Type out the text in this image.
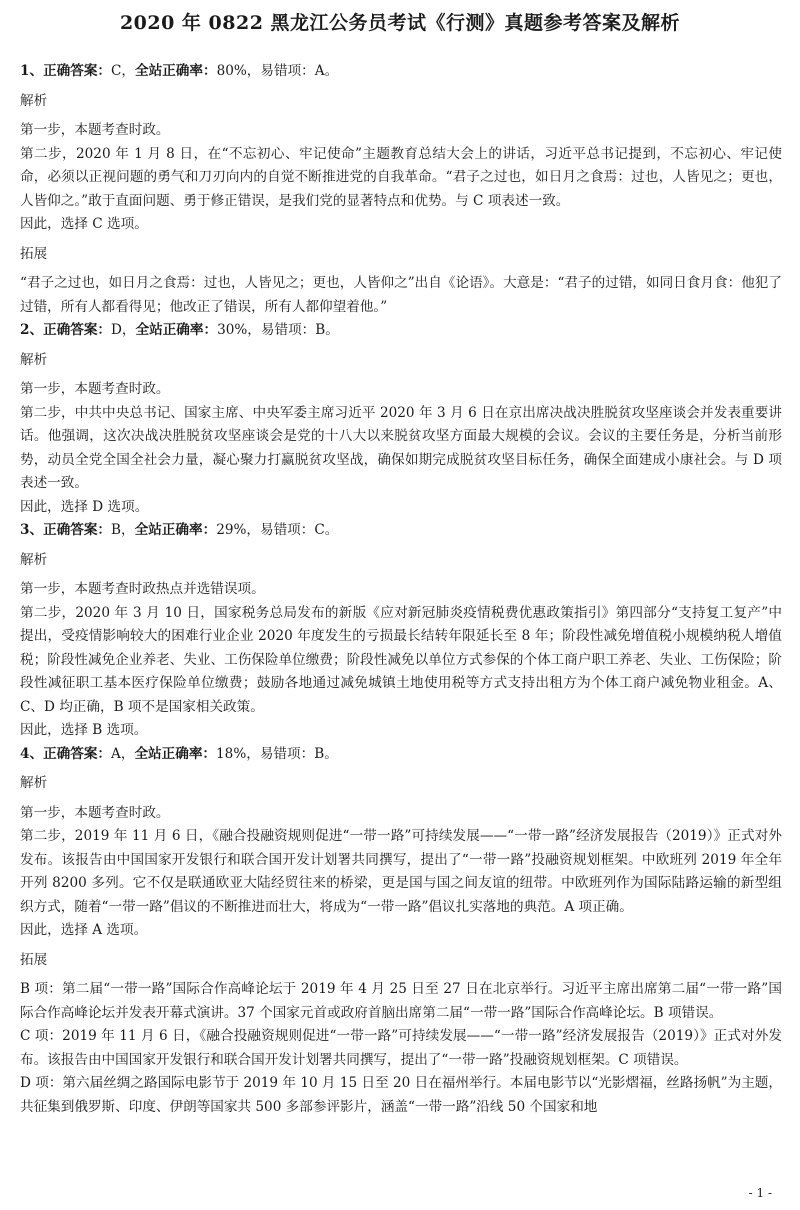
2020 年 0822 黑龙江公务员考试《行测》真题参考答案及解析

1、正确答案：C，全站正确率：80%，易错项：A。

解析

第一步，本题考查时政。

第二步，2020 年 1 月 8 日，在“不忘初心、牢记使命”主题教育总结大会上的讲话，习近平总书记提到，不忘初心、牢记使命，必须以正视问题的勇气和刀刃向内的自觉不断推进党的自我革命。“君子之过也，如日月之食焉：过也，人皆见之；更也，人皆仰之。”敢于直面问题、勇于修正错误，是我们党的显著特点和优势。与 C 项表述一致。

因此，选择 C 选项。

拓展

“君子之过也，如日月之食焉：过也，人皆见之；更也，人皆仰之”出自《论语》。大意是：“君子的过错，如同日食月食：他犯了过错，所有人都看得见；他改正了错误，所有人都仰望着他。”

2、正确答案：D，全站正确率：30%，易错项：B。

解析

第一步，本题考查时政。

第二步，中共中央总书记、国家主席、中央军委主席习近平 2020 年 3 月 6 日在京出席决战决胜脱贫攻坚座谈会并发表重要讲话。他强调，这次决战决胜脱贫攻坚座谈会是党的十八大以来脱贫攻坚方面最大规模的会议。会议的主要任务是，分析当前形势，动员全党全国全社会力量，凝心聚力打赢脱贫攻坚战，确保如期完成脱贫攻坚目标任务，确保全面建成小康社会。与 D 项表述一致。

因此，选择 D 选项。

3、正确答案：B，全站正确率：29%，易错项：C。

解析

第一步，本题考查时政热点并选错误项。

第二步，2020 年 3 月 10 日，国家税务总局发布的新版《应对新冠肺炎疫情税费优惠政策指引》第四部分“支持复工复产”中提出，受疫情影响较大的困难行业企业 2020 年度发生的亏损最长结转年限延长至 8 年；阶段性减免增值税小规模纳税人增值税；阶段性减免企业养老、失业、工伤保险单位缴费；阶段性减免以单位方式参保的个体工商户职工养老、失业、工伤保险；阶段性减征职工基本医疗保险单位缴费；鼓励各地通过减免城镇土地使用税等方式支持出租方为个体工商户减免物业租金。A、C、D 均正确，B 项不是国家相关政策。

因此，选择 B 选项。

4、正确答案：A，全站正确率：18%，易错项：B。

解析

第一步，本题考查时政。

第二步，2019 年 11 月 6 日，《融合投融资规则促进“一带一路”可持续发展——“一带一路”经济发展报告（2019）》正式对外发布。该报告由中国国家开发银行和联合国开发计划署共同撰写，提出了“一带一路”投融资规划框架。中欧班列 2019 年全年开列 8200 多列。它不仅是联通欧亚大陆经贸往来的桥梁，更是国与国之间友谊的纽带。中欧班列作为国际陆路运输的新型组织方式，随着“一带一路”倡议的不断推进而壮大，将成为“一带一路”倡议扎实落地的典范。A 项正确。

因此，选择 A 选项。

拓展

B 项：第二届“一带一路”国际合作高峰论坛于 2019 年 4 月 25 日至 27 日在北京举行。习近平主席出席第二届“一带一路”国际合作高峰论坛并发表开幕式演讲。37 个国家元首或政府首脑出席第二届“一带一路”国际合作高峰论坛。B 项错误。

C 项：2019 年 11 月 6 日，《融合投融资规则促进“一带一路”可持续发展——“一带一路”经济发展报告（2019）》正式对外发布。该报告由中国国家开发银行和联合国开发计划署共同撰写，提出了“一带一路”投融资规划框架。C 项错误。

D 项：第六届丝绸之路国际电影节于 2019 年 10 月 15 日至 20 日在福州举行。本届电影节以“光影熠福，丝路扬帆”为主题，共征集到俄罗斯、印度、伊朗等国家共 500 多部参评影片，涵盖“一带一路”沿线 50 个国家和地

- 1 -
